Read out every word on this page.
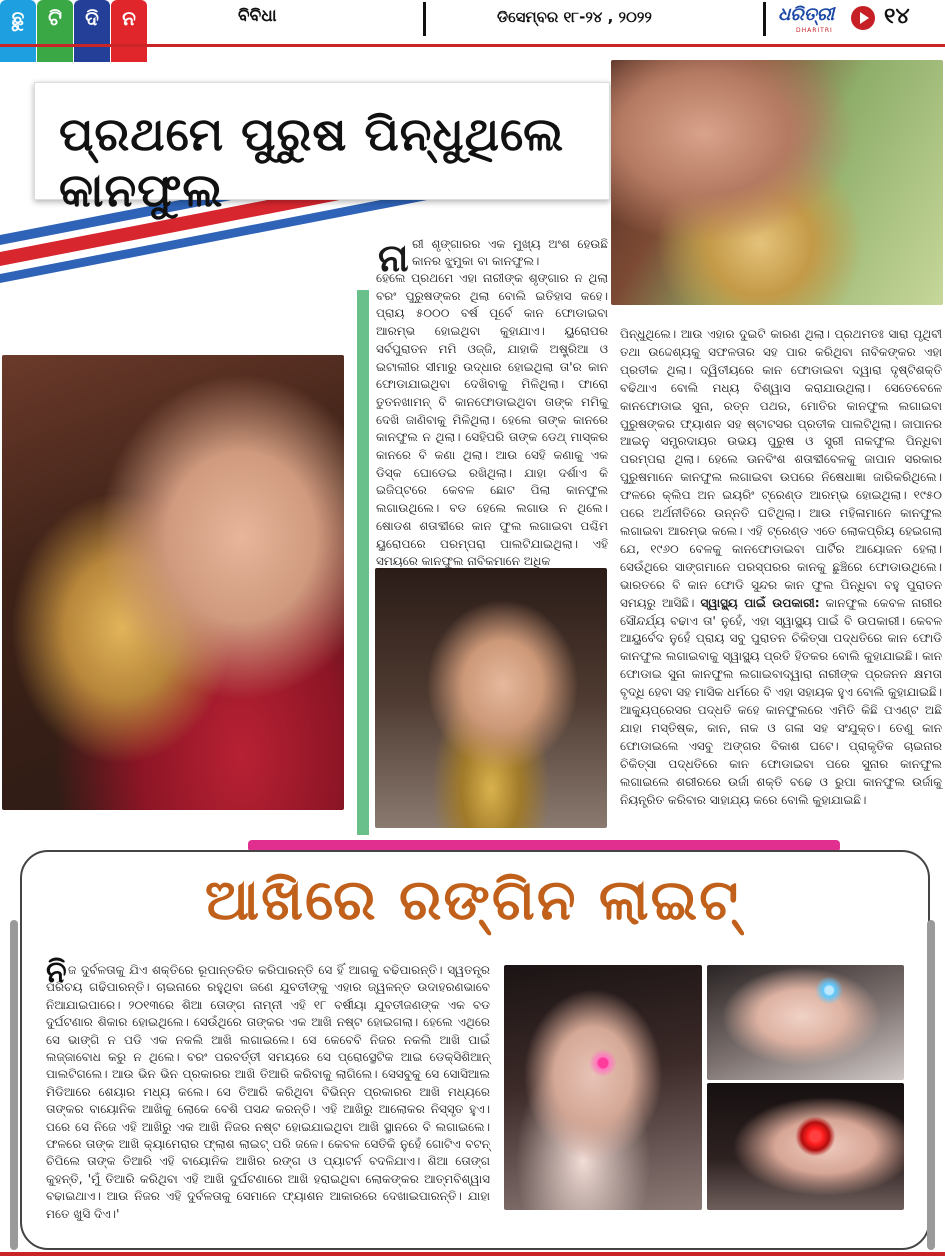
ଛୁ	ଟି	ଦି	ନ	ବିବିଧା	ଡିସେମ୍ବର ୧୮-୨୪ , ୨୦୨୨	ଧରିତ୍ରୀ
DHARITRI
୧୪
ପ୍ରଥମେ ପୁରୁଷ ପିନ୍ଧୁଥିଲେ କାନଫୁଲ
ନା ରୀ ଶୃଙ୍ଗାରର ଏକ ମୁଖ୍ୟ ଅଂଶ ହେଉଛି କାନର ଝୁମୁକା ବା କାନଫୁଲ।
ହେଲେ ପ୍ରଥମେ ଏହା ନାରୀଙ୍କ ଶୃଙ୍ଗାର ନ ଥିଲା ବରଂ ପୁରୁଷଙ୍କର ଥିଲା ବୋଲି ଇତିହାସ କହେ। ପ୍ରାୟ ୫୦୦୦ ବର୍ଷ ପୂର୍ବେ କାନ ଫୋଡାଇବା ଆରମ୍ଭ ହୋଇଥିବା କୁହାଯାଏ। ୟୁରୋପର ସର୍ବପୁରାତନ ମମି ଓଜ୍ଜି, ଯାହାକି ଅଷ୍ଟ୍ରିଆ ଓ ଇଟାଲୀର ସୀମାରୁ ଉଦ୍ଧାର ହୋଇଥିଲା ତା'ର କାନ ଫୋଡାଯାଇଥିବା ଦେଖିବାକୁ ମିଳିଥିଲା। ଫାରୋ ତୁତନଖାମନ୍ ବି କାନଫୋଡାଇଥିବା ତାଙ୍କ ମମିକୁ ଦେଖି ଜାଣିବାକୁ ମିଳିଥିଲା। ହେଲେ ତାଙ୍କ କାନରେ କାନଫୁଲ ନ ଥିଲା। ସେହିପରି ତାଙ୍କ ଡେଥ୍ ମାସ୍କର କାନରେ ବି କଣା ଥିଲା। ଆଉ ସେହି କଣାକୁ ଏକ ଡିସ୍କ ଘୋଡେଇ ରଖିଥିଲା। ଯାହା ଦର୍ଶାଏ କି ଇଜିପ୍ଟରେ କେବଳ ଛୋଟ ପିଲା କାନଫୁଲ ଲଗାଉଥିଲେ। ବଡ ହେଲେ ଲଗାଉ ନ ଥିଲେ। ଷୋଡଶ ଶତାବ୍ଦୀରେ କାନ ଫୁଲ ଲଗାଇବା ପଶ୍ଚିମ ୟୁରୋପରେ ପରମ୍ପରା ପାଲଟିଯାଇଥିଲା। ଏହି ସମୟରେ କାନଫୁଲ ନାବିକମାନେ ଅଧିକ
ପିନ୍ଧୁଥିଲେ। ଆଉ ଏହାର ଦୁଇଟି କାରଣ ଥିଲା। ପ୍ରଥମତଃ ସାରା ପୃଥିବୀ ତଥା ଉଦ୍ଦେଶ୍ୟକୁ ସଫଳତାର ସହ ପାର କରିଥିବା ନାବିକଙ୍କର ଏହା ପ୍ରତୀକ ଥିଲା। ଦ୍ୱିତୀୟରେ କାନ ଫୋଡାଇବା ଦ୍ୱାରା ଦୃଷ୍ଟିଶକ୍ତି ବଢିଥାଏ ବୋଲି ମଧ୍ୟ ବିଶ୍ୱାସ କରାଯାଉଥିଲା। ସେତେବେଳେ କାନଫୋଡାଇ ସୁନା, ରତ୍ନ ପଥର, ମୋତିର କାନଫୁଲ ଲଗାଇବା ପୁରୁଷଙ୍କର ଫ୍ୟାଶନ ସହ ଷ୍ଟାଟସର ପ୍ରତୀକ ପାଲଟିଥିଲା। ଜାପାନର ଆଇନୁ ସମ୍ପ୍ରଦାୟର ଉଭୟ ପୁରୁଷ ଓ ସ୍ତ୍ରୀ ନାକଫୁଲ ପିନ୍ଧିବା ପରମ୍ପରା ଥିଲା। ହେଲେ ଊନବିଂଶ ଶତାବ୍ଦୀବେଳକୁ ଜାପାନ ସରକାର ପୁରୁଷମାନେ କାନଫୁଲ ଲଗାଇବା ଉପରେ ନିଷେଧାଜ୍ଞା ଜାରିକରିଥିଲେ। ଫଳରେ କ୍ଲିପ ଅନ ଇୟରିଂ ଟ୍ରେଣ୍ଡ ଆରମ୍ଭ ହୋଇଥିଲା। ୧୯୫୦ ପରେ ଅର୍ଥନୀତିରେ ଉନ୍ନତି ଘଟିଥିଲା। ଆଉ ମହିଳାମାନେ କାନଫୁଲ ଲଗାଇବା ଆରମ୍ଭ କଲେ। ଏହି ଟ୍ରେଣ୍ଡ ଏତେ ଲୋକପ୍ରିୟ ହେଇଗଲା ଯେ, ୧୯୬୦ ବେଳକୁ କାନଫୋଡାଇବା ପାର୍ଟିର ଆୟୋଜନ ହେଲା। ସେଉଁଥିରେ ସାଙ୍ଗମାନେ ପରସ୍ପରର କାନକୁ ଛୁଞ୍ଚିରେ ଫୋଡାଉଥିଲେ। ଭାରତରେ ବି କାନ ଫୋଡି ସୁନ୍ଦର କାନ ଫୁଲ ପିନ୍ଧିବା ବହୁ ପୁରାତନ ସମୟରୁ ଆସିଛି। ସ୍ୱାସ୍ଥ୍ୟ ପାଇଁ ଉପକାରୀ: କାନଫୁଲ କେବଳ ନାରୀର ସୌନ୍ଦର୍ଯ୍ୟ ବଢାଏ ତା' ନୁହେଁ, ଏହା ସ୍ୱାସ୍ଥ୍ୟ ପାଇଁ ବି ଉପକାରୀ। କେବଳ ଆୟୁର୍ବେଦ ନୁହେଁ ପ୍ରାୟ ସବୁ ପୁରାତନ ଚିକିତ୍ସା ପଦ୍ଧତିରେ କାନ ଫୋଡି କାନଫୁଲ ଲଗାଇବାକୁ ସ୍ୱାସ୍ଥ୍ୟ ପ୍ରତି ହିତକର ବୋଲି କୁହାଯାଇଛି। କାନ ଫୋଡାଇ ସୁନା କାନଫୁଲ ଲଗାଇବାଦ୍ୱାରା ନାରୀଙ୍କ ପ୍ରଜନନ କ୍ଷମତା ବୃଦ୍ଧି ହେବା ସହ ମାସିକ ଧର୍ମରେ ବି ଏହା ସହାୟକ ହୁଏ ବୋଲି କୁହାଯାଇଛି। ଆକ୍ୟୁପ୍ରେସର ପଦ୍ଧତି କହେ କାନଫୁଲରେ ଏମିତି କିଛି ପଏଣ୍ଟ ଅଛି ଯାହା ମସ୍ତିଷ୍କ, କାନ, ନାକ ଓ ଗଳା ସହ ସଂଯୁକ୍ତ। ତେଣୁ କାନ ଫୋଡାଇଲେ ଏସବୁ ଅଙ୍ଗର ବିକାଶ ଘଟେ। ପ୍ରାକୃତିକ ଚାଇନାର ଚିକିତ୍ସା ପଦ୍ଧତିରେ କାନ ଫୋଡାଇବା ପରେ ସୁନାର କାନଫୁଲ ଲଗାଇଲେ ଶରୀରରେ ଉର୍ଜା ଶକ୍ତି ବଢେ ଓ ରୁପା କାନଫୁଲ ଉର୍ଜାକୁ ନିୟନ୍ତ୍ରିତ କରିବାର ସାହାଯ୍ୟ କରେ ବୋଲି କୁହାଯାଇଛି।
ଆଖିରେ ରଙ୍ଗିନ ଲାଇଟ୍
ନି ଜ ଦୁର୍ବଳତାକୁ ଯିଏ ଶକ୍ତିରେ ରୂପାନ୍ତରିତ କରିପାରନ୍ତି ସେ ହିଁ ଆଗକୁ ବଢିପାରନ୍ତି। ସ୍ୱତନ୍ତ୍ର ପରିଚୟ ଗଢିପାରନ୍ତି। ଚାଇନାରେ ରହୁଥିବା ଜଣେ ଯୁବତୀଙ୍କୁ ଏହାର ଜ୍ୱଳନ୍ତ ଉଦାହରଣଭାବେ ନିଆଯାଇପାରେ। ୨୦୧୩ରେ ଶିଆ ତୋଙ୍ଗ ନାମ୍ନୀ ଏହି ୧୮ ବର୍ଷୀୟା ଯୁବତୀଜଣଙ୍କ ଏକ ବଡ ଦୁର୍ଘଟଣାର ଶିକାର ହୋଇଥିଲେ। ସେଉଁଥିରେ ତାଙ୍କର ଏକ ଆଖି ନଷ୍ଟ ହୋଇଗଲା। ହେଲେ ଏଥିରେ ସେ ଭାଙ୍ଗି ନ ପଡି ଏକ ନକଲି ଆଖି ଲଗାଇଲେ। ସେ କେବେବି ନିଜର ନକଲି ଆଖି ପାଇଁ ଲଜ୍ଜାବୋଧ କରୁ ନ ଥିଲେ। ବରଂ ପରବର୍ତ୍ତୀ ସମୟରେ ସେ ପ୍ରୋସ୍ଥେଟିକ ଆଇ ଡେକ୍ସିଶିଆନ୍ ପାଲଟିଗଲେ। ଆଉ ଭିନ ଭିନ ପ୍ରକାରର ଆଖି ତିଆରି କରିବାକୁ ଲାଗିଲେ। ସେସବୁକୁ ସେ ସୋସିଆଲ ମିଡିଆରେ ଶେୟାର ମଧ୍ୟ କଲେ। ସେ ତିଆରି କରିଥିବା ବିଭିନ୍ନ ପ୍ରକାରର ଆଖି ମଧ୍ୟରେ ତାଙ୍କର ବାୟୋନିକ ଆଖିକୁ ଲୋକେ ବେଶି ପସନ୍ଦ କରନ୍ତି। ଏହି ଆଖିରୁ ଆଲୋକର ନିସ୍ସୃତ ହୁଏ। ପରେ ସେ ନିଜେ ଏହି ଆଖିରୁ ଏକ ଆଖି ନିଜର ନଷ୍ଟ ହୋଇଯାଇଥିବା ଆଖି ସ୍ଥାନରେ ବି ଲଗାଇଲେ। ଫଳରେ ତାଙ୍କ ଆଖି କ୍ୟାମେରାର ଫ୍ଲାଶ ଲାଇଟ୍ ପରି ଜଳେ। କେବଳ ସେତିକି ନୁହେଁ ଗୋଟିଏ ବଟନ୍ ଚିପିଲେ ତାଙ୍କ ତିଆରି ଏହି ବାୟୋନିକ ଆଖିର ରଙ୍ଗ ଓ ପ୍ୟାଟର୍ନ ବଦଳିଯାଏ। ଶିଆ ତୋଙ୍ଗ କୁହନ୍ତି, 'ମୁଁ ତିଆରି କରିଥିବା ଏହି ଆଖି ଦୁର୍ଘଟଣାରେ ଆଖି ହରାଇଥିବା ଲୋକଙ୍କର ଆତ୍ମବିଶ୍ୱାସ ବଢାଇଥାଏ। ଆଉ ନିଜର ଏହି ଦୁର୍ବଳତାକୁ ସେମାନେ ଫ୍ୟାଶନ ଆକାରରେ ଦେଖାଇପାରନ୍ତି। ଯାହା ମତେ ଖୁସି ଦିଏ।'
